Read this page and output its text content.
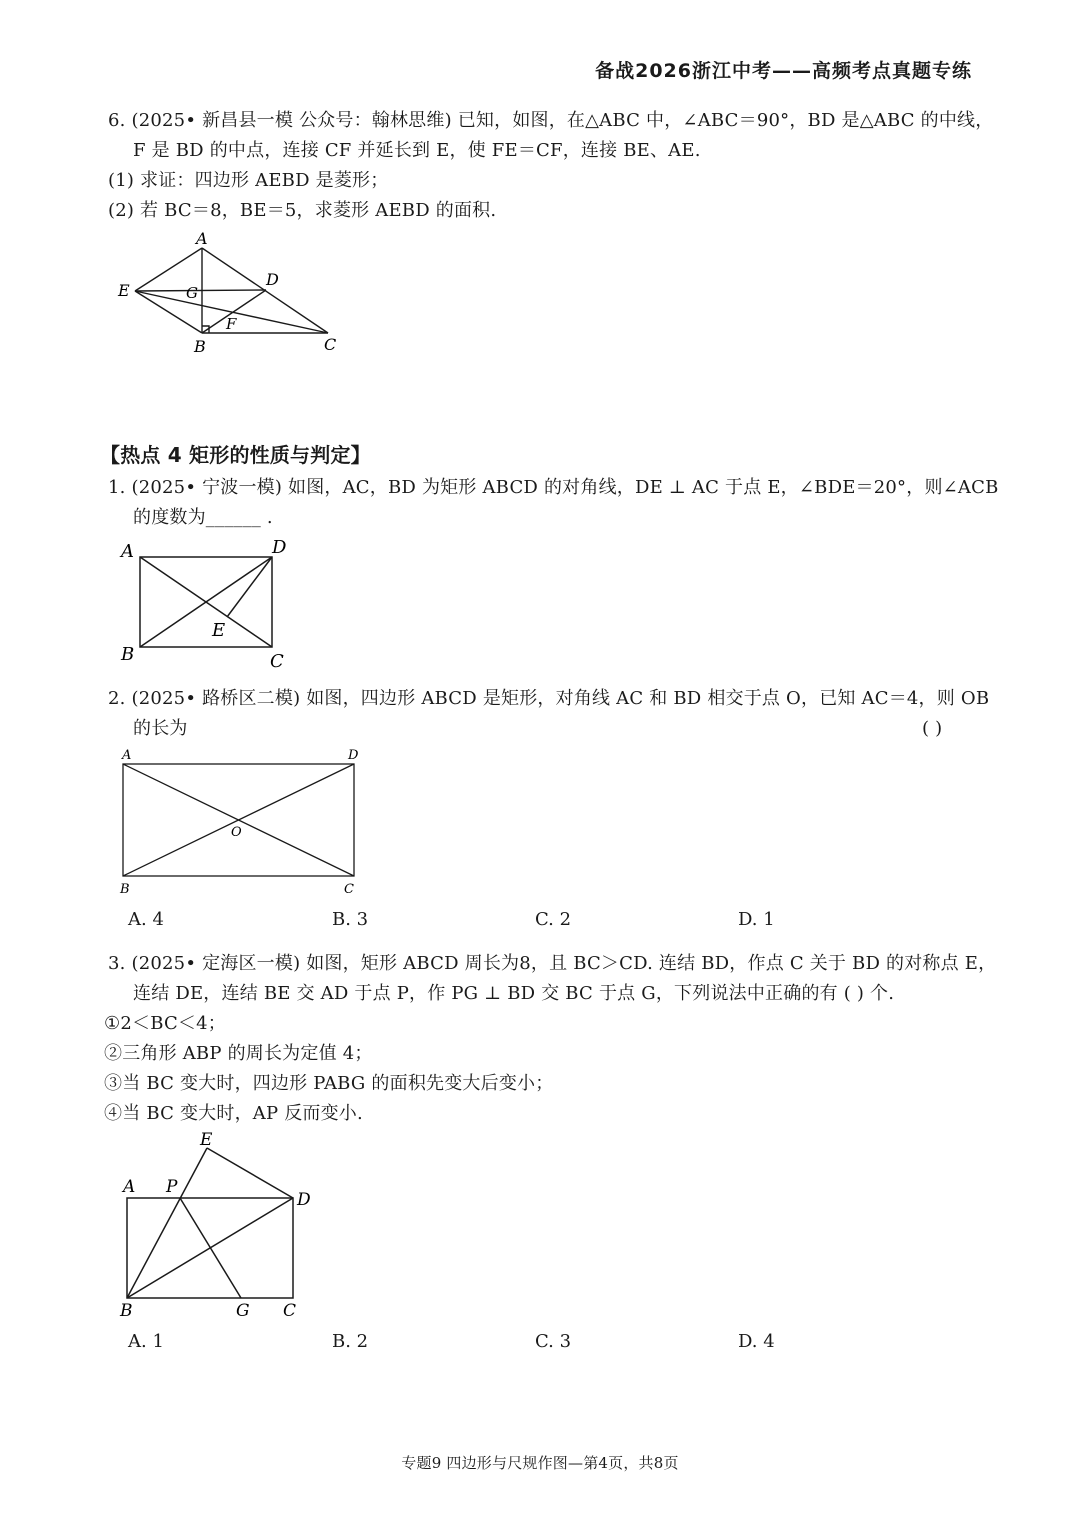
备战2026浙江中考——高频考点真题专练
6. (2025• 新昌县一模 公众号：翰林思维) 已知，如图，在△ABC 中，∠ABC＝90°，BD 是△ABC 的中线，
F 是 BD 的中点，连接 CF 并延长到 E，使 FE＝CF，连接 BE、AE.
(1) 求证：四边形 AEBD 是菱形；
(2) 若 BC＝8，BE＝5，求菱形 AEBD 的面积.
A
B	C
D
E
F
G
【热点 4 矩形的性质与判定】
1. (2025• 宁波一模) 如图，AC，BD 为矩形 ABCD 的对角线，DE ⊥ AC 于点 E，∠BDE＝20°，则∠ACB
的度数为______ .
A
B	C
D
E
2. (2025• 路桥区二模) 如图，四边形 ABCD 是矩形，对角线 AC 和 BD 相交于点 O，已知 AC＝4，则 OB
的长为	( )
A
B	C
D
O
A. 4	B. 3	C. 2	D. 1
3. (2025• 定海区一模) 如图，矩形 ABCD 周长为8，且 BC＞CD. 连结 BD，作点 C 关于 BD 的对称点 E，
连结 DE，连结 BE 交 AD 于点 P，作 PG ⊥ BD 交 BC 于点 G，下列说法中正确的有 ( ) 个.
①2＜BC＜4；
②三角形 ABP 的周长为定值 4；
③当 BC 变大时，四边形 PABG 的面积先变大后变小；
④当 BC 变大时，AP 反而变小.
E
A P
D
B	G C
A. 1	B. 2	C. 3	D. 4
专题9 四边形与尺规作图—第4页，共8页
